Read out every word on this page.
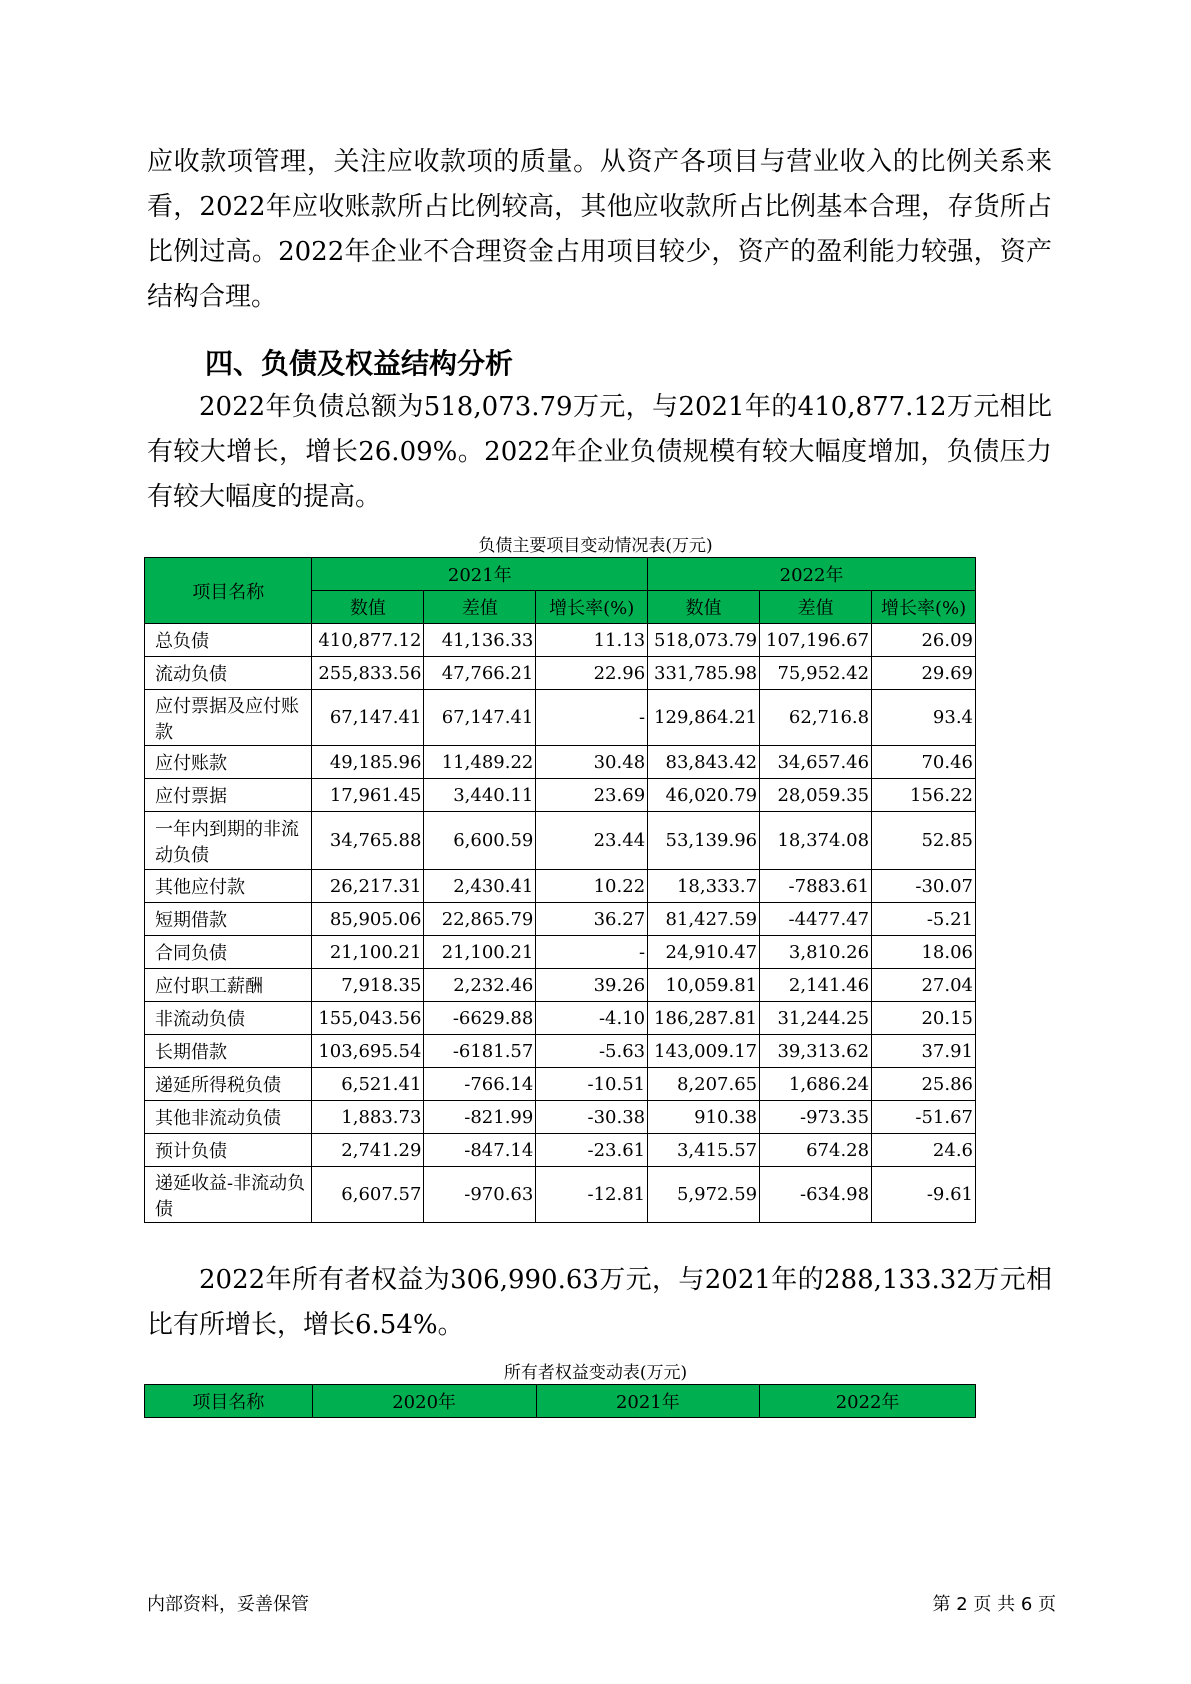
应收款项管理，关注应收款项的质量。从资产各项目与营业收入的比例关系来看，2022年应收账款所占比例较高，其他应收款所占比例基本合理，存货所占比例过高。2022年企业不合理资金占用项目较少，资产的盈利能力较强，资产结构合理。

四、负债及权益结构分析

2022年负债总额为518,073.79万元，与2021年的410,877.12万元相比有较大增长，增长26.09%。2022年企业负债规模有较大幅度增加，负债压力有较大幅度的提高。

负债主要项目变动情况表(万元)
项目名称	2021年			2022年		
	数值	差值	增长率(%)	数值	差值	增长率(%)
总负债	410,877.12	41,136.33	11.13	518,073.79	107,196.67	26.09
流动负债	255,833.56	47,766.21	22.96	331,785.98	75,952.42	29.69
应付票据及应付账款	67,147.41	67,147.41	-	129,864.21	62,716.8	93.4
应付账款	49,185.96	11,489.22	30.48	83,843.42	34,657.46	70.46
应付票据	17,961.45	3,440.11	23.69	46,020.79	28,059.35	156.22
一年内到期的非流动负债	34,765.88	6,600.59	23.44	53,139.96	18,374.08	52.85
其他应付款	26,217.31	2,430.41	10.22	18,333.7	-7883.61	-30.07
短期借款	85,905.06	22,865.79	36.27	81,427.59	-4477.47	-5.21
合同负债	21,100.21	21,100.21	-	24,910.47	3,810.26	18.06
应付职工薪酬	7,918.35	2,232.46	39.26	10,059.81	2,141.46	27.04
非流动负债	155,043.56	-6629.88	-4.10	186,287.81	31,244.25	20.15
长期借款	103,695.54	-6181.57	-5.63	143,009.17	39,313.62	37.91
递延所得税负债	6,521.41	-766.14	-10.51	8,207.65	1,686.24	25.86
其他非流动负债	1,883.73	-821.99	-30.38	910.38	-973.35	-51.67
预计负债	2,741.29	-847.14	-23.61	3,415.57	674.28	24.6
递延收益-非流动负债	6,607.57	-970.63	-12.81	5,972.59	-634.98	-9.61

2022年所有者权益为306,990.63万元，与2021年的288,133.32万元相比有所增长，增长6.54%。

所有者权益变动表(万元)
项目名称	2020年	2021年	2022年
内部资料，妥善保管	第 2 页 共 6 页
